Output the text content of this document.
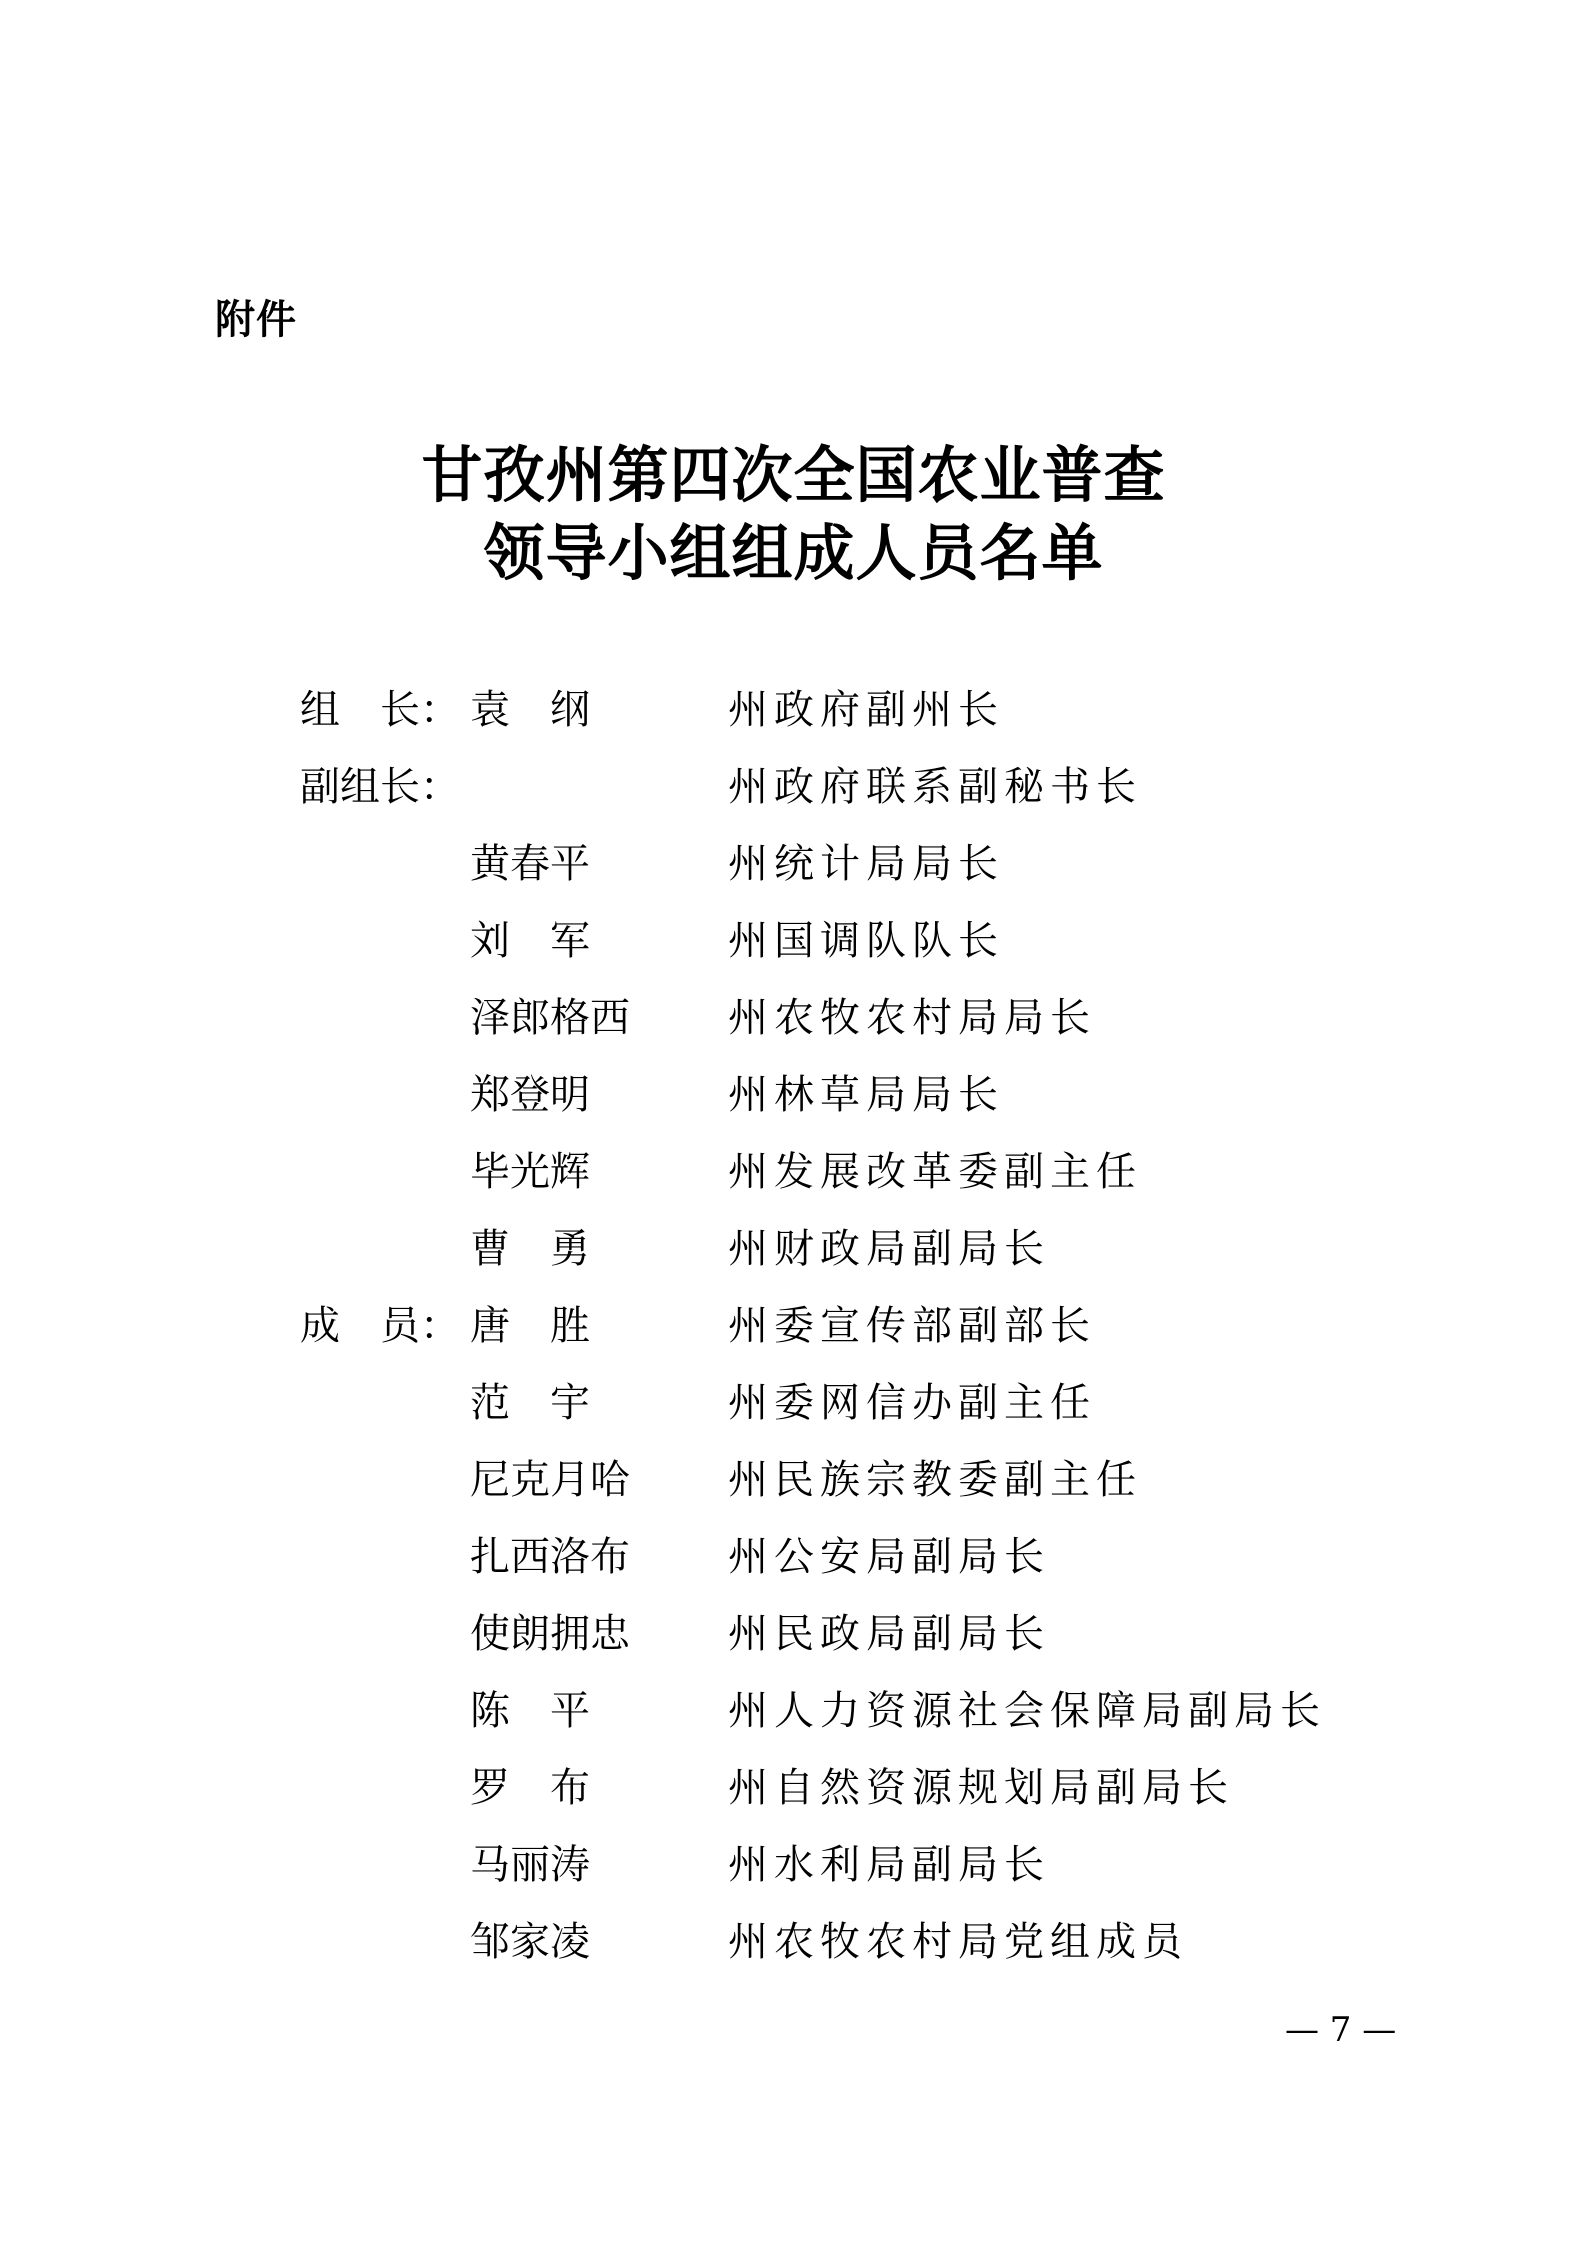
附件
甘孜州第四次全国农业普查
领导小组组成人员名单
组　长： 袁　纲	州政府副州长
副组长：	州政府联系副秘书长
黄春平	州统计局局长
刘　军	州国调队队长
泽郎格西 州农牧农村局局长
郑登明	州林草局局长
毕光辉	州发展改革委副主任
曹　勇	州财政局副局长
成　员： 唐　胜	州委宣传部副部长
范　宇	州委网信办副主任
尼克月哈 州民族宗教委副主任
扎西洛布 州公安局副局长
使朗拥忠 州民政局副局长
陈　平	州人力资源社会保障局副局长
罗　布	州自然资源规划局副局长
马丽涛	州水利局副局长
邹家凌	州农牧农村局党组成员
— 7 —
